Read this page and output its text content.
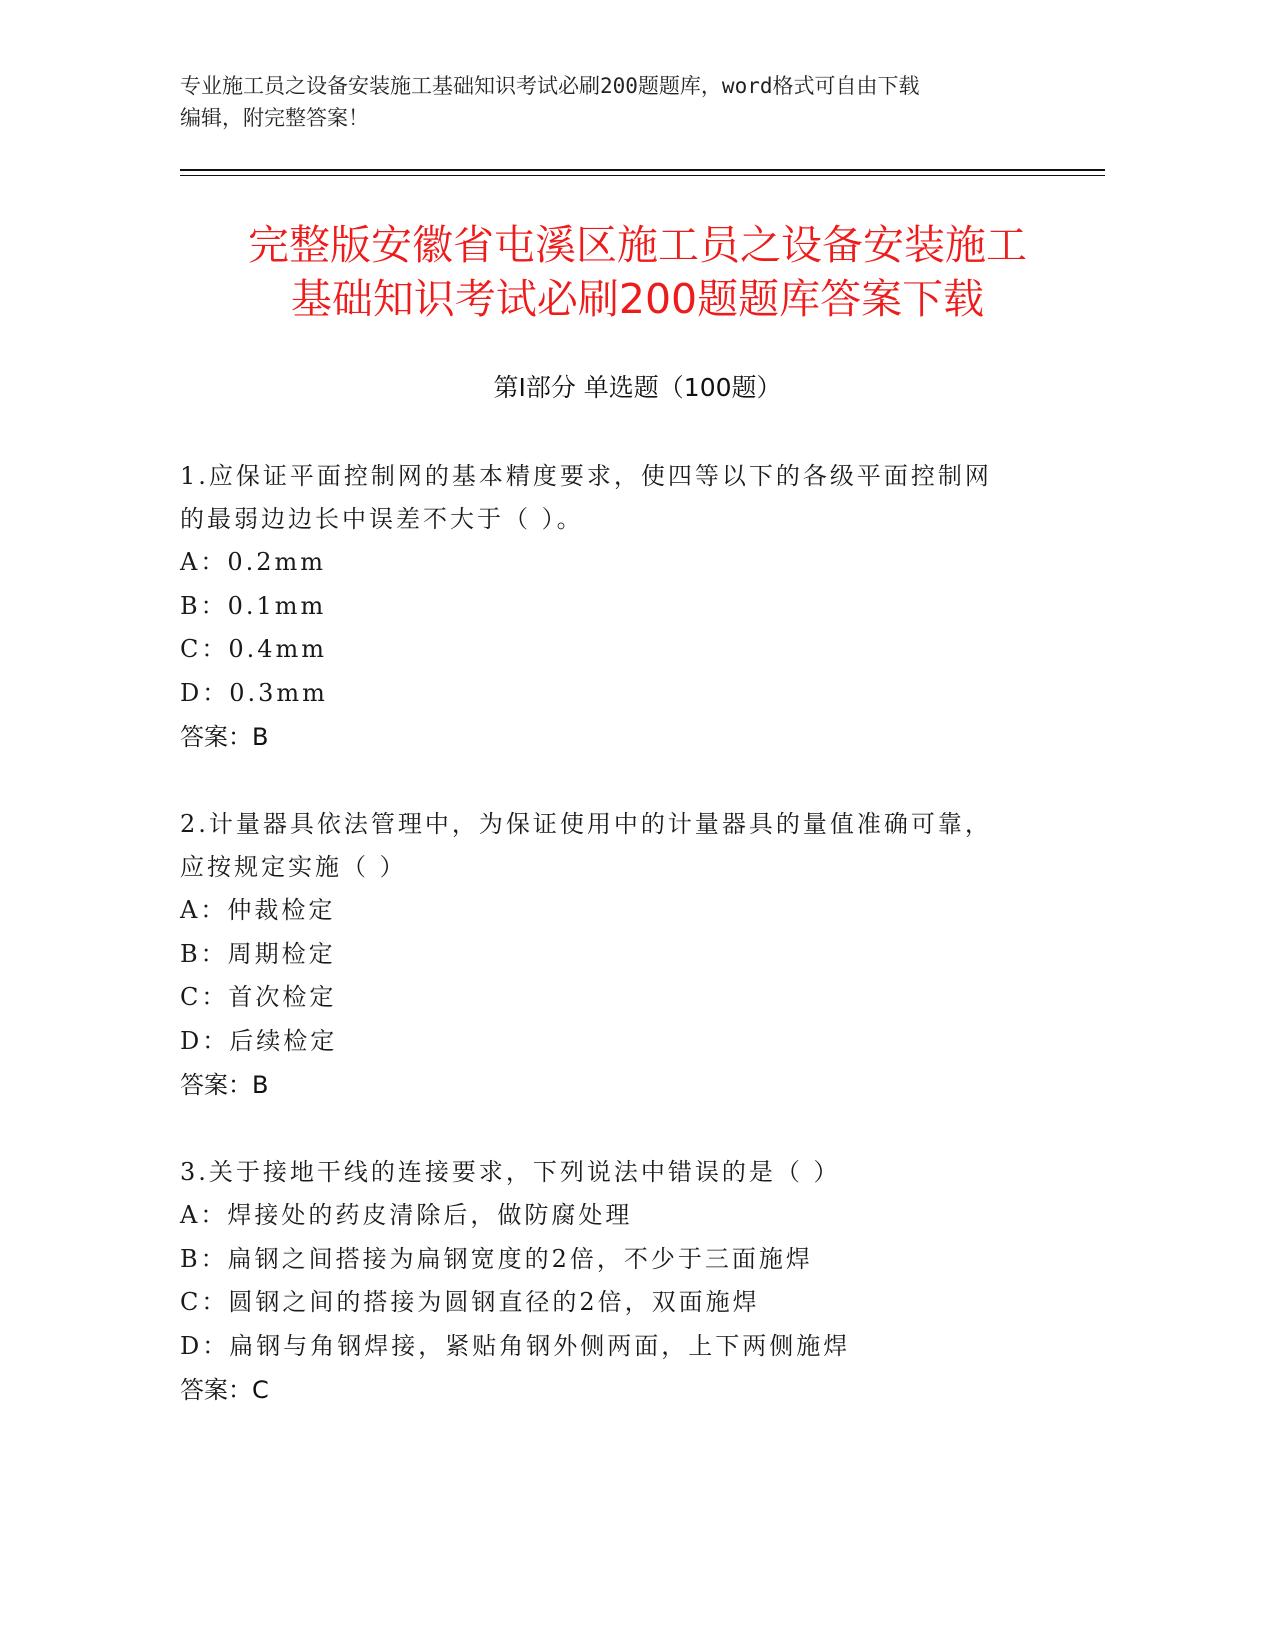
专业施工员之设备安装施工基础知识考试必刷200题题库，word格式可自由下载
编辑，附完整答案！
完整版安徽省屯溪区施工员之设备安装施工
基础知识考试必刷200题题库答案下载
第Ⅰ部分 单选题（100题）
1.应保证平面控制网的基本精度要求，使四等以下的各级平面控制网
的最弱边边长中误差不大于（ ）。
A：0.2mm
B：0.1mm
C：0.4mm
D：0.3mm
答案：B
2.计量器具依法管理中，为保证使用中的计量器具的量值准确可靠，
应按规定实施（ ）
A：仲裁检定
B：周期检定
C：首次检定
D：后续检定
答案：B
3.关于接地干线的连接要求，下列说法中错误的是（ ）
A：焊接处的药皮清除后，做防腐处理
B：扁钢之间搭接为扁钢宽度的2倍，不少于三面施焊
C：圆钢之间的搭接为圆钢直径的2倍，双面施焊
D：扁钢与角钢焊接，紧贴角钢外侧两面，上下两侧施焊
答案：C
